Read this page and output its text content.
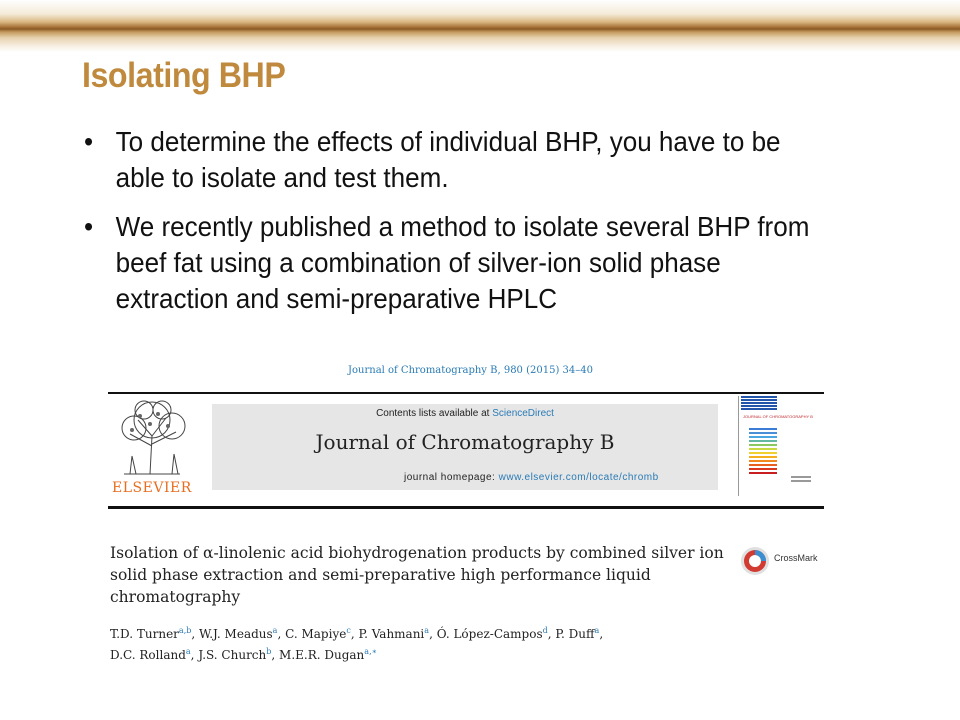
Isolating BHP
• To determine the effects of individual BHP, you have to be able to isolate and test them.
• We recently published a method to isolate several BHP from beef fat using a combination of silver-ion solid phase extraction and semi-preparative HPLC
Journal of Chromatography B, 980 (2015) 34–40
ELSEVIER
Contents lists available at ScienceDirect
Journal of Chromatography B
journal homepage: www.elsevier.com/locate/chromb
JOURNAL OF CHROMATOGRAPHY B
Isolation of α-linolenic acid biohydrogenation products by combined silver ion solid phase extraction and semi-preparative high performance liquid chromatography
CrossMark
T.D. Turner$^{a,b}$, W.J. Meadus$^a$, C. Mapiye$^c$, P. Vahmani$^a$, Ó. López-Campos$^d$, P. Duff$^a$,
D.C. Rolland$^a$, J.S. Church$^b$, M.E.R. Dugan$^{a,∗}$
